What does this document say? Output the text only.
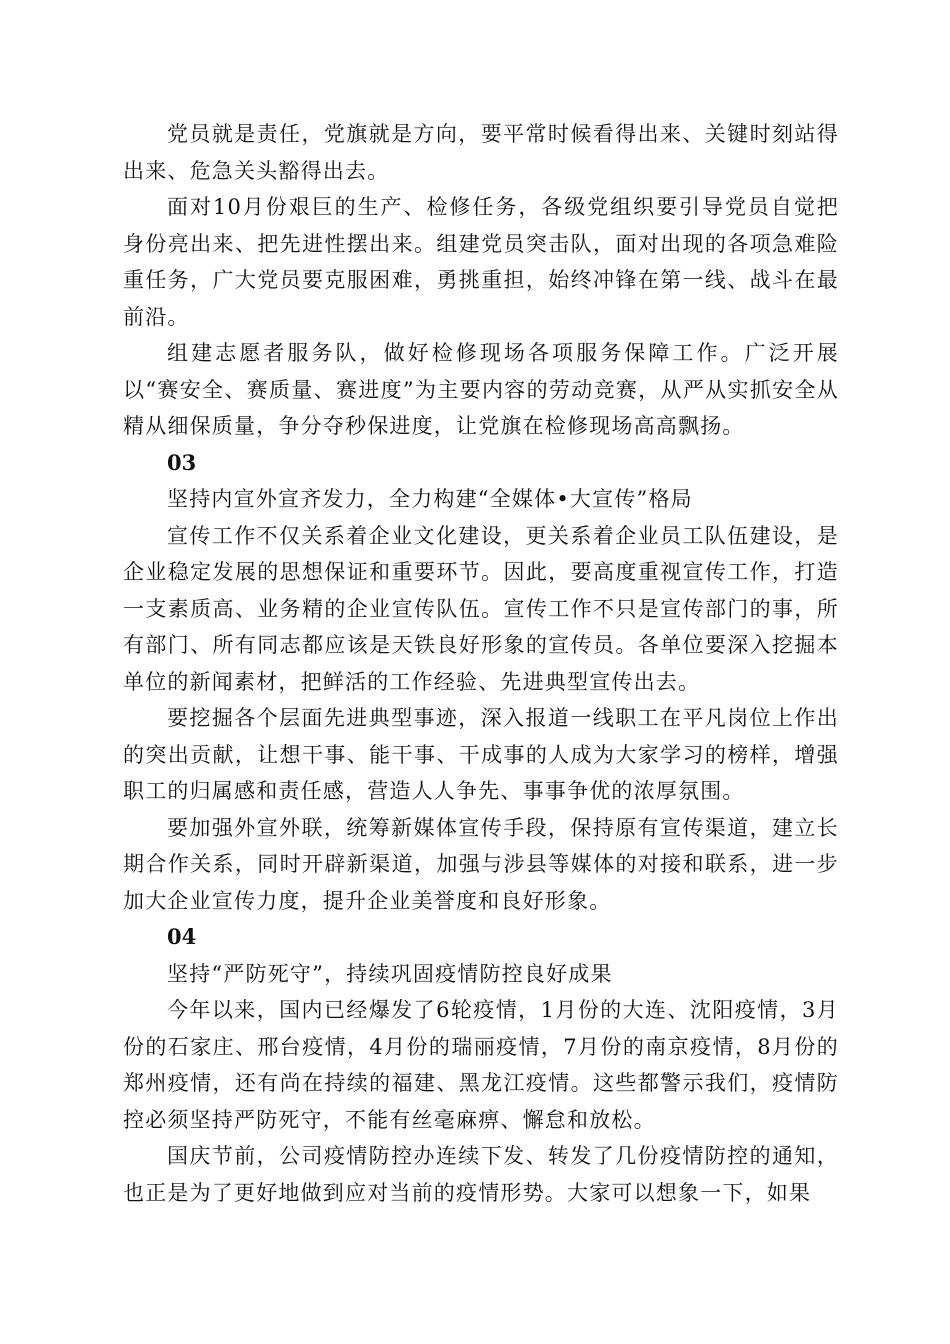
党员就是责任，党旗就是方向，要平常时候看得出来、关键时刻站得出来、危急关头豁得出去。

面对10月份艰巨的生产、检修任务，各级党组织要引导党员自觉把身份亮出来、把先进性摆出来。组建党员突击队，面对出现的各项急难险重任务，广大党员要克服困难，勇挑重担，始终冲锋在第一线、战斗在最前沿。

组建志愿者服务队，做好检修现场各项服务保障工作。广泛开展以“赛安全、赛质量、赛进度”为主要内容的劳动竞赛，从严从实抓安全从精从细保质量，争分夺秒保进度，让党旗在检修现场高高飘扬。

03

坚持内宣外宣齐发力，全力构建“全媒体•大宣传”格局

宣传工作不仅关系着企业文化建设，更关系着企业员工队伍建设，是企业稳定发展的思想保证和重要环节。因此，要高度重视宣传工作，打造一支素质高、业务精的企业宣传队伍。宣传工作不只是宣传部门的事，所有部门、所有同志都应该是天铁良好形象的宣传员。各单位要深入挖掘本单位的新闻素材，把鲜活的工作经验、先进典型宣传出去。

要挖掘各个层面先进典型事迹，深入报道一线职工在平凡岗位上作出的突出贡献，让想干事、能干事、干成事的人成为大家学习的榜样，增强职工的归属感和责任感，营造人人争先、事事争优的浓厚氛围。

要加强外宣外联，统筹新媒体宣传手段，保持原有宣传渠道，建立长期合作关系，同时开辟新渠道，加强与涉县等媒体的对接和联系，进一步加大企业宣传力度，提升企业美誉度和良好形象。

04

坚持“严防死守”，持续巩固疫情防控良好成果

今年以来，国内已经爆发了6轮疫情，1月份的大连、沈阳疫情，3月份的石家庄、邢台疫情，4月份的瑞丽疫情，7月份的南京疫情，8月份的郑州疫情，还有尚在持续的福建、黑龙江疫情。这些都警示我们，疫情防控必须坚持严防死守，不能有丝毫麻痹、懈怠和放松。

国庆节前，公司疫情防控办连续下发、转发了几份疫情防控的通知，也正是为了更好地做到应对当前的疫情形势。大家可以想象一下，如果
